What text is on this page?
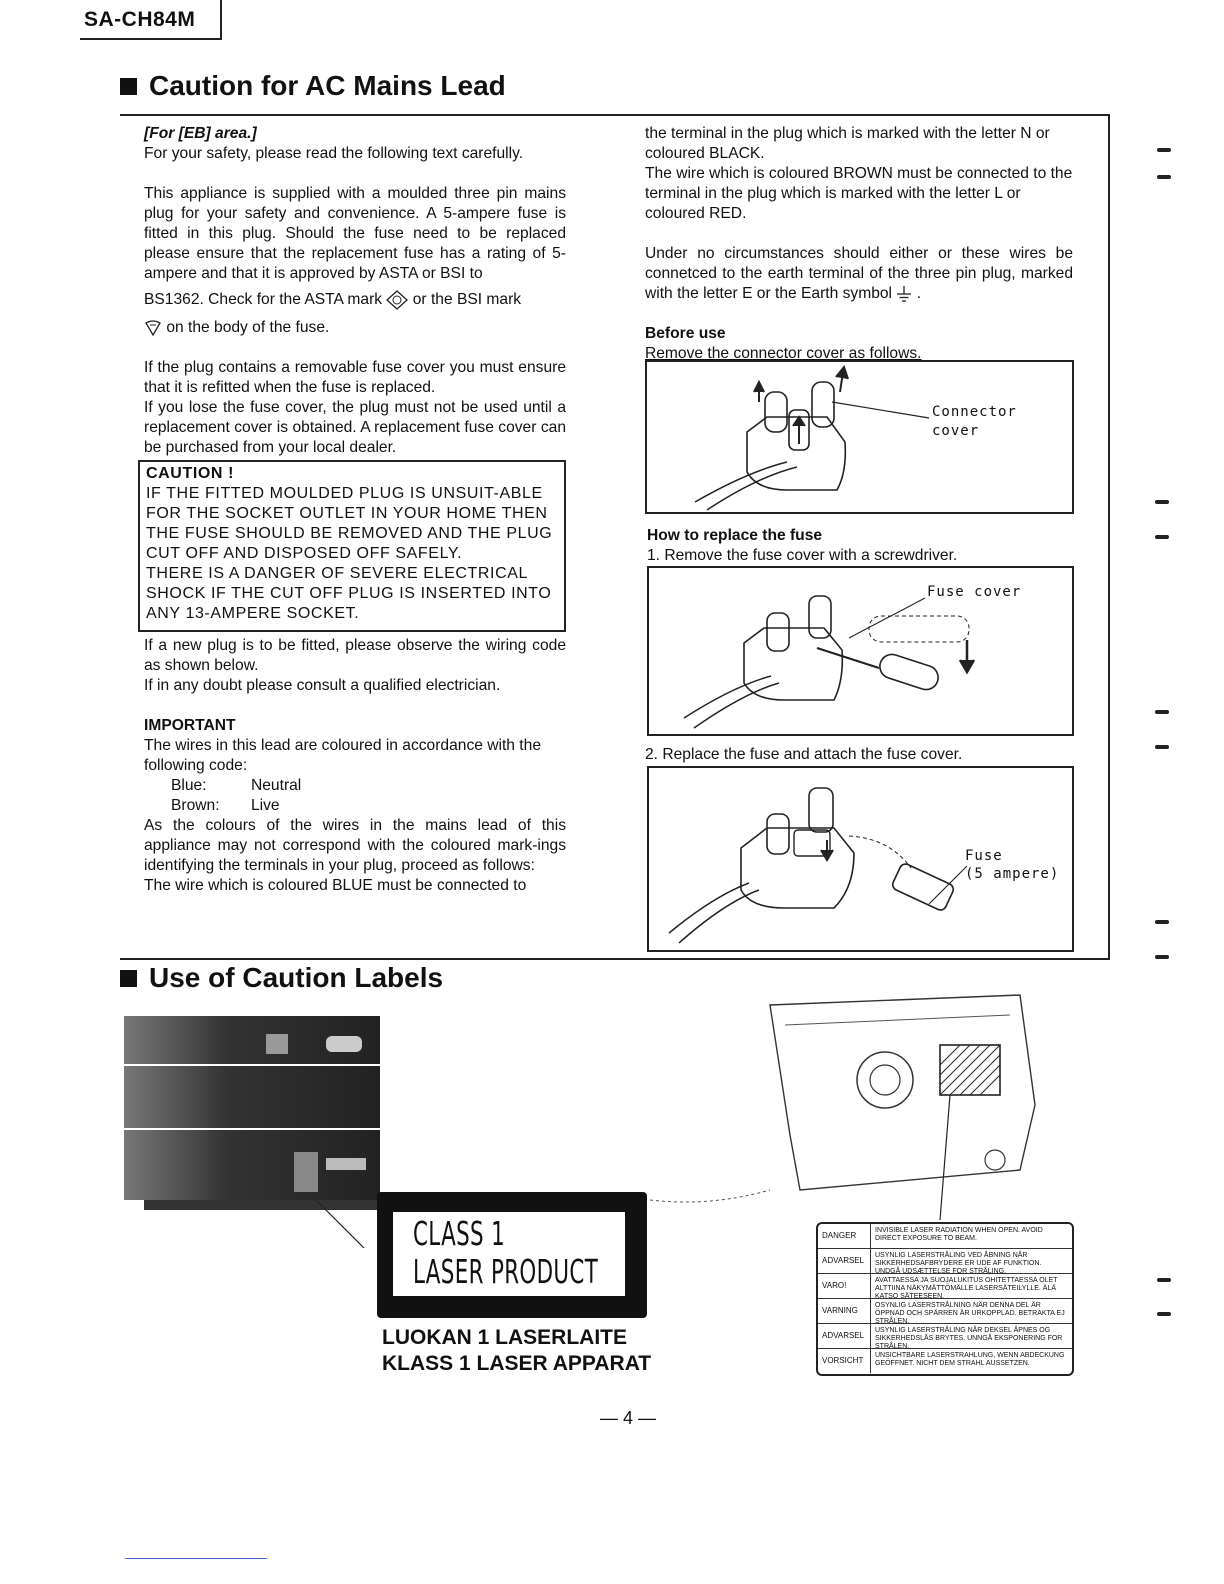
SA-CH84M
Caution for AC Mains Lead

[For [EB] area.]

For your safety, please read the following text carefully.

This appliance is supplied with a moulded three pin mains plug for your safety and convenience. A 5-ampere fuse is fitted in this plug. Should the fuse need to be replaced please ensure that the replacement fuse has a rating of 5-ampere and that it is approved by ASTA or BSI to

BS1362. Check for the ASTA mark or the BSI mark

on the body of the fuse.

If the plug contains a removable fuse cover you must ensure that it is refitted when the fuse is replaced.

If you lose the fuse cover, the plug must not be used until a replacement cover is obtained. A replacement fuse cover can be purchased from your local dealer.

CAUTION !
IF THE FITTED MOULDED PLUG IS UNSUIT-ABLE FOR THE SOCKET OUTLET IN YOUR HOME THEN THE FUSE SHOULD BE REMOVED AND THE PLUG CUT OFF AND DISPOSED OFF SAFELY.
THERE IS A DANGER OF SEVERE ELECTRICAL SHOCK IF THE CUT OFF PLUG IS INSERTED INTO ANY 13-AMPERE SOCKET.

If a new plug is to be fitted, please observe the wiring code as shown below.

If in any doubt please consult a qualified electrician.

IMPORTANT

The wires in this lead are coloured in accordance with the following code:

Blue:	Neutral

Brown: Live

As the colours of the wires in the mains lead of this appliance may not correspond with the coloured mark-ings identifying the terminals in your plug, proceed as follows:

The wire which is coloured BLUE must be connected to

the terminal in the plug which is marked with the letter N or coloured BLACK.

The wire which is coloured BROWN must be connected to the terminal in the plug which is marked with the letter L or coloured RED.

Under no circumstances should either or these wires be connetced to the earth terminal of the three pin plug, marked with the letter E or the Earth symbol .

Before use

Remove the connector cover as follows.

Connector
cover

How to replace the fuse

1. Remove the fuse cover with a screwdriver.

Fuse cover

2. Replace the fuse and attach the fuse cover.

Fuse
(5 ampere)
Use of Caution Labels
CLASS 1
LASER PRODUCT
LUOKAN 1 LASERLAITE
KLASS 1 LASER APPARAT
DANGER
INVISIBLE LASER RADIATION WHEN OPEN. AVOID DIRECT EXPOSURE TO BEAM.
ADVARSEL
USYNLIG LASERSTRÅLING VED ÅBNING NÅR SIKKERHEDSAFBRYDERE ER UDE AF FUNKTION. UNDGÅ UDSÆTTELSE FOR STRÅLING.
VARO!
AVATTAESSA JA SUOJALUKITUS OHITETTAESSA OLET ALTTIINA NÄKYMÄTTÖMÄLLE LASERSÄTEILYLLE. ÄLÄ KATSO SÄTEESEEN.
VARNING
OSYNLIG LASERSTRÅLNING NÄR DENNA DEL ÄR ÖPPNAD OCH SPÄRREN ÄR URKOPPLAD. BETRAKTA EJ STRÅLEN.
ADVARSEL
USYNLIG LASERSTRÅLING NÅR DEKSEL ÅPNES OG SIKKERHEDSLÅS BRYTES. UNNGÅ EKSPONERING FOR STRÅLEN.
VORSICHT
UNSICHTBARE LASERSTRAHLUNG, WENN ABDECKUNG GEÖFFNET. NICHT DEM STRAHL AUSSETZEN.
— 4 —
